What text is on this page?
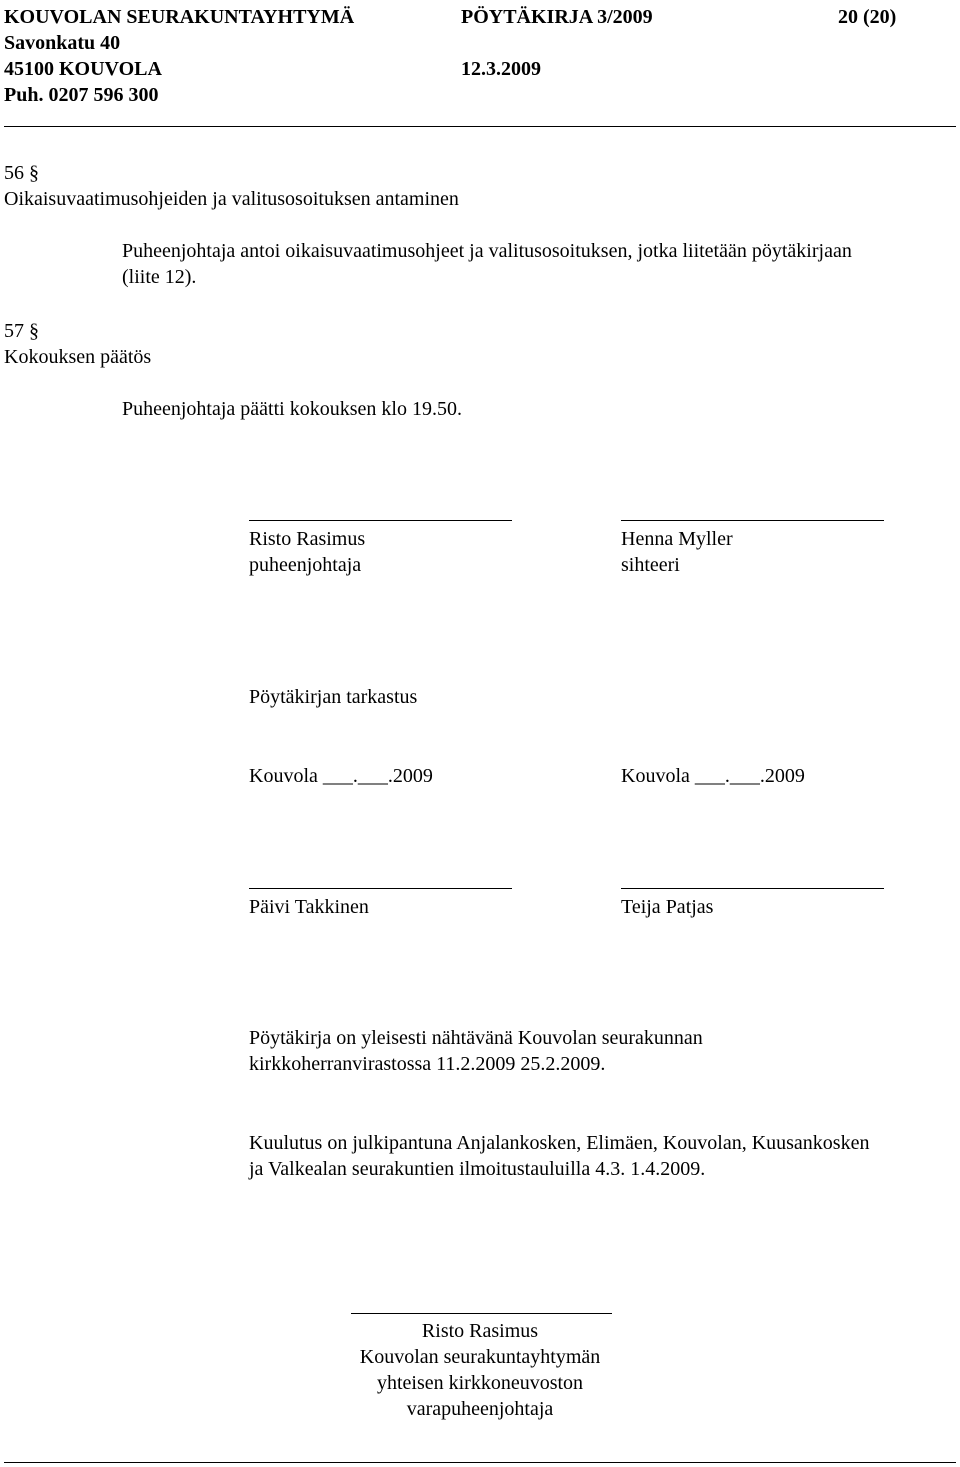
KOUVOLAN SEURAKUNTAYHTYMÄ	PÖYTÄKIRJA 3/2009	20 (20)
Savonkatu 40
45100 KOUVOLA	12.3.2009
Puh. 0207 596 300
56 §
Oikaisuvaatimusohjeiden ja valitusosoituksen antaminen
Puheenjohtaja antoi oikaisuvaatimusohjeet ja valitusosoituksen, jotka liitetään pöytäkirjaan
(liite 12).
57 §
Kokouksen päätös
Puheenjohtaja päätti kokouksen klo 19.50.
Risto Rasimus	Henna Myller
puheenjohtaja	sihteeri
Pöytäkirjan tarkastus
Kouvola ___.___.2009	Kouvola ___.___.2009
Päivi Takkinen	Teija Patjas
Pöytäkirja on yleisesti nähtävänä Kouvolan seurakunnan
kirkkoherranvirastossa 11.2.2009 25.2.2009.
Kuulutus on julkipantuna Anjalankosken, Elimäen, Kouvolan, Kuusankosken
ja Valkealan seurakuntien ilmoitustauluilla 4.3. 1.4.2009.
Risto Rasimus
Kouvolan seurakuntayhtymän
yhteisen kirkkoneuvoston
varapuheenjohtaja
